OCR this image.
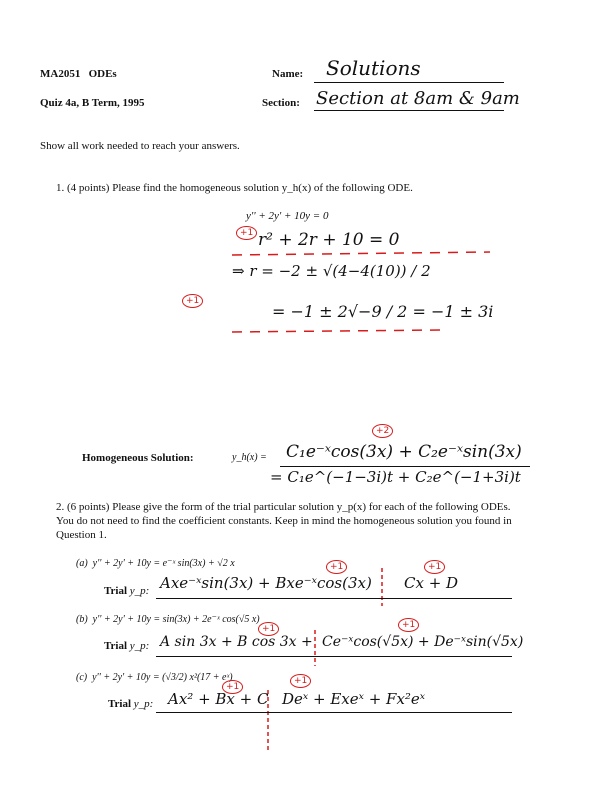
MA2051 ODEs
Quiz 4a, B Term, 1995
Name: Solutions
Section: Section at 8am & 9am
Show all work needed to reach your answers.
1. (4 points) Please find the homogeneous solution y_h(x) of the following ODE.
y'' + 2y' + 10y = 0
+1 r² + 2r + 10 = 0
⇒ r = −2 ± √(4−4(10)) / 2
+1
= −1 ± 2√−9 / 2 = −1 ± 3i
Homogeneous Solution:	y_h(x) =
+2
C₁e⁻ˣcos(3x) + C₂e⁻ˣsin(3x)
= C₁e^(−1−3i)t + C₂e^(−1+3i)t
2. (6 points) Please give the form of the trial particular solution y_p(x) for each of the following ODEs. You do not need to find the coefficient constants. Keep in mind the homogeneous solution you found in Question 1.
(a) y'' + 2y' + 10y = e⁻ˣ sin(3x) + √2 x	+1	+1
Trial y_p: Axe⁻ˣsin(3x) + Bxe⁻ˣcos(3x) Cx + D
(b) y'' + 2y' + 10y = sin(3x) + 2e⁻ˣ cos(√5 x)
+1	+1
Trial y_p: A sin 3x + B cos 3x + Ce⁻ˣcos(√5x) + De⁻ˣsin(√5x)
(c) y'' + 2y' + 10y = (√3/2) x²(17 + eˣ)
+1
+1
Trial y_p: Ax² + Bx + C Deˣ + Exeˣ + Fx²eˣ
